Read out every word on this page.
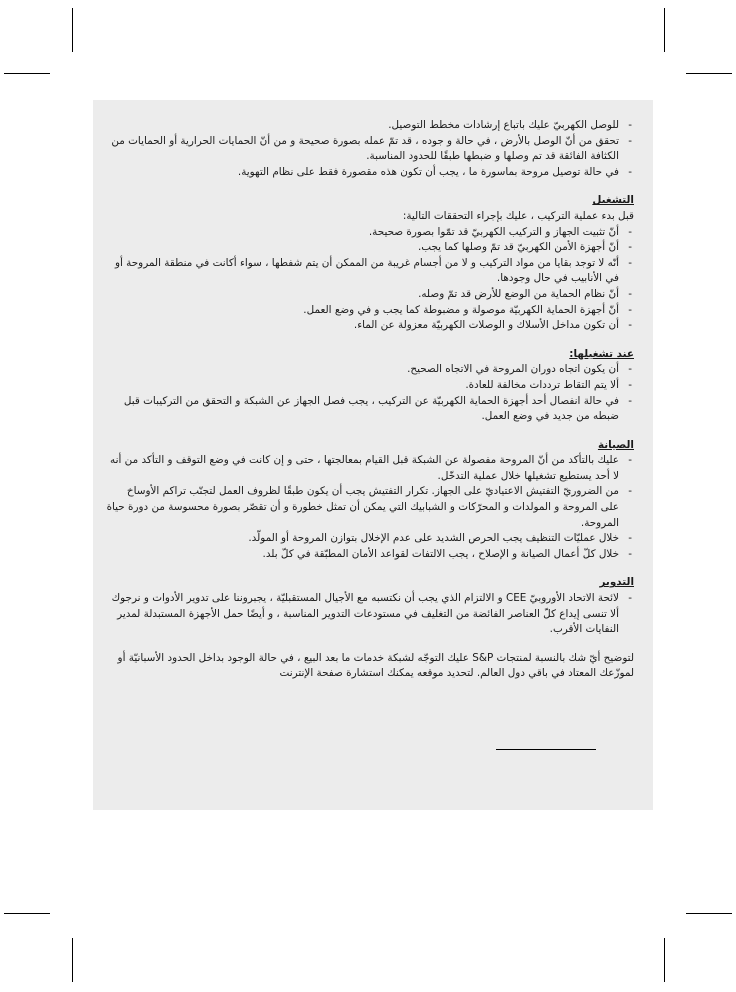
- للوصل الكهربيّ عليك باتباع إرشادات مخطط التوصيل.
- تحقق من أنّ الوصل بالأرض ، في حالة و جوده ، قد تمّ عمله بصورة صحيحة و من أنّ الحمايات الحرارية أو الحمايات من الكثافة الفائقة قد تم وصلها و ضبطها طبقًا للحدود المناسبة.
- في حالة توصيل مروحة بماسورة ما ، يجب أن تكون هذه مقصورة فقط على نظام التهوية.
التشغيل
قبل بدء عملية التركيب ، عليك بإجراء التحققات التالية:
- أنّ تثبيت الجهاز و التركيب الكهربيّ قد تمّوا بصورة صحيحة.
- أنّ أجهزة الأمن الكهربيّ قد تمّ وصلها كما يجب.
- أنّه لا توجد بقايا من مواد التركيب و لا من أجسام غريبة من الممكن أن يتم شفطها ، سواء أكانت في منطقة المروحة أو في الأنابيب في حال وجودها.
- أنّ نظام الحماية من الوضع للأرض قد تمّ وصله.
- أنّ أجهزة الحماية الكهربيّة موصولة و مضبوطة كما يجب و في وضع العمل.
- أن تكون مداخل الأسلاك و الوصلات الكهربيّة معزولة عن الماء.
عند تشغيلها:
- أن يكون اتجاه دوران المروحة في الاتجاه الصحيح.
- ألا يتم التقاط ترددات مخالفة للعادة.
- في حالة انفصال أحد أجهزة الحماية الكهربيّة عن التركيب ، يجب فصل الجهاز عن الشبكة و التحقق من التركيبات قبل ضبطه من جديد في وضع العمل.
الصيانة
- عليك بالتأكد من أنّ المروحة مفصولة عن الشبكة قبل القيام بمعالجتها ، حتى و إن كانت في وضع التوقف و التأكد من أنه لا أحد يستطيع تشغيلها خلال عملية التدخّل.
- من الضروريّ التفتيش الاعتياديّ على الجهاز. تكرار التفتيش يجب أن يكون طبقًا لظروف العمل لتجنّب تراكم الأوساخ على المروحة و المولدات و المحرّكات و الشبابيك التي يمكن أن تمثل خطورة و أن تقصّر بصورة محسوسة من دورة حياة المروحة.
- خلال عمليّات التنظيف يجب الحرص الشديد على عدم الإخلال بتوازن المروحة أو المولّد.
- خلال كلّ أعمال الصيانة و الإصلاح ، يجب الالتفات لقواعد الأمان المطبّقة في كلّ بلد.
التدوير
- لائحة الاتحاد الأوروبيّ CEE و الالتزام الذي يجب أن نكتسبه مع الأجيال المستقبليّة ، يجبروننا على تدوير الأدوات و نرجوك ألا تنسى إيداع كلّ العناصر الفائضة من التغليف في مستودعات التدوير المناسبة ، و أيضًا حمل الأجهزة المستبدلة لمدير النفايات الأقرب.
لتوضيح أيّ شك بالنسبة لمنتجات S&P عليك التوجّه لشبكة خدمات ما بعد البيع ، في حالة الوجود بداخل الحدود الأسبانيّة أو لموزّعك المعتاد في باقي دول العالم. لتحديد موقعه يمكنك استشارة صفحة الإنترنت
